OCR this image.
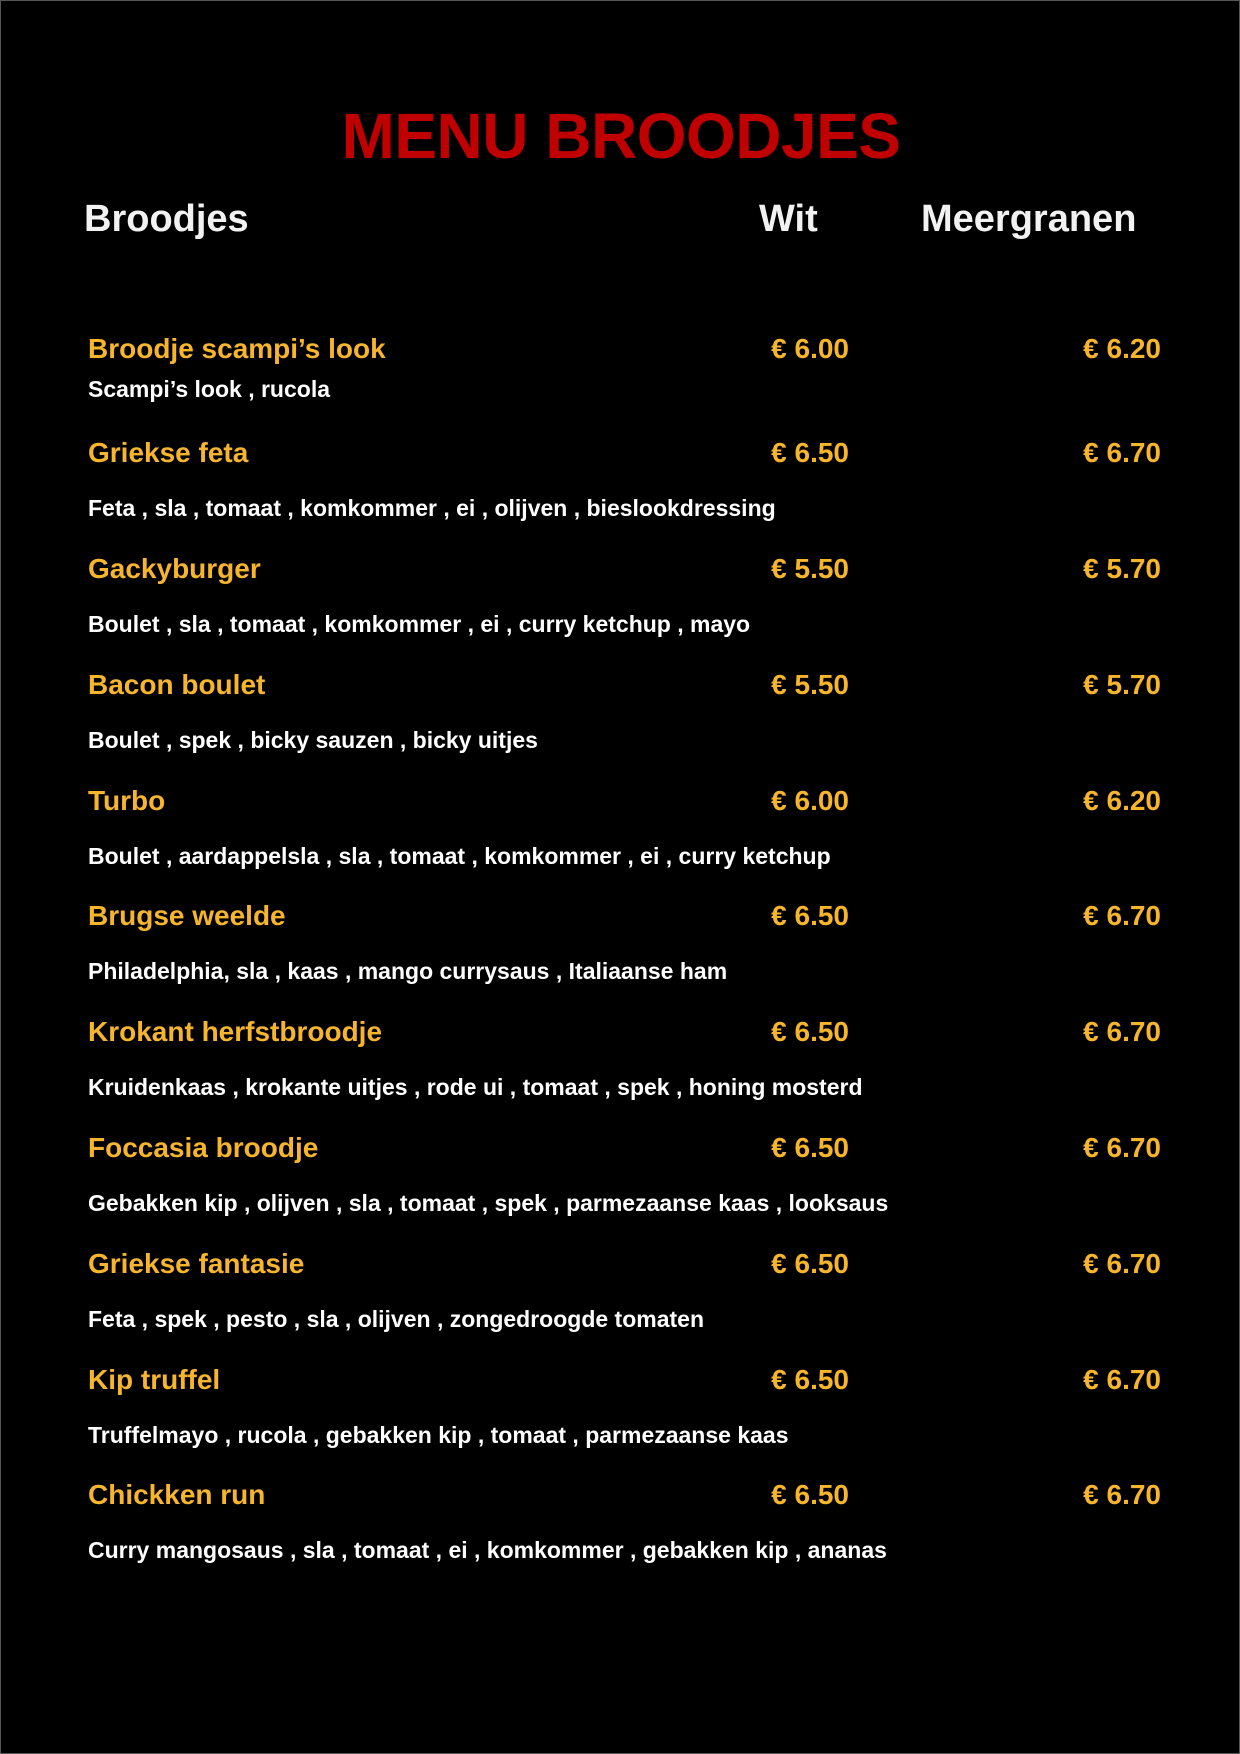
MENU BROODJES
Broodjes	Wit	Meergranen
Broodje scampi’s look	€ 6.00	€ 6.20
Scampi’s look , rucola
Griekse feta	€ 6.50	€ 6.70
Feta , sla , tomaat , komkommer , ei , olijven , bieslookdressing
Gackyburger	€ 5.50	€ 5.70
Boulet , sla , tomaat , komkommer , ei , curry ketchup , mayo
Bacon boulet	€ 5.50	€ 5.70
Boulet , spek , bicky sauzen , bicky uitjes
Turbo	€ 6.00	€ 6.20
Boulet , aardappelsla , sla , tomaat , komkommer , ei , curry ketchup
Brugse weelde	€ 6.50	€ 6.70
Philadelphia, sla , kaas , mango currysaus , Italiaanse ham
Krokant herfstbroodje	€ 6.50	€ 6.70
Kruidenkaas , krokante uitjes , rode ui , tomaat , spek , honing mosterd
Foccasia broodje	€ 6.50	€ 6.70
Gebakken kip , olijven , sla , tomaat , spek , parmezaanse kaas , looksaus
Griekse fantasie	€ 6.50	€ 6.70
Feta , spek , pesto , sla , olijven , zongedroogde tomaten
Kip truffel	€ 6.50	€ 6.70
Truffelmayo , rucola , gebakken kip , tomaat , parmezaanse kaas
Chickken run	€ 6.50	€ 6.70
Curry mangosaus , sla , tomaat , ei , komkommer , gebakken kip , ananas
